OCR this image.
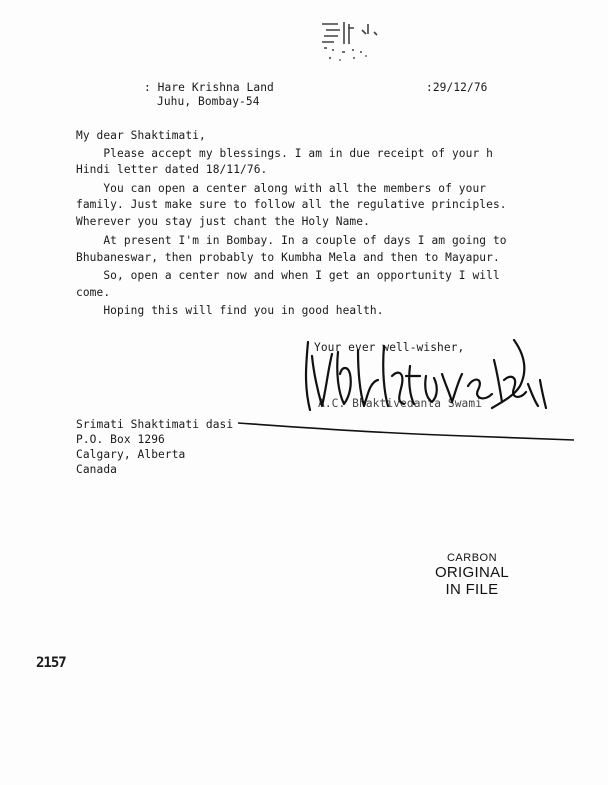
: Hare Krishna Land
Juhu, Bombay-54
:29/12/76
My dear Shaktimati,
Please accept my blessings. I am in due receipt of your h
Hindi letter dated 18/11/76.
You can open a center along with all the members of your
family. Just make sure to follow all the regulative principles.
Wherever you stay just chant the Holy Name.
At present I'm in Bombay. In a couple of days I am going to
Bhubaneswar, then probably to Kumbha Mela and then to Mayapur.
So, open a center now and when I get an opportunity I will
come.
Hoping this will find you in good health.
Your ever well-wisher,
A.C. Bhaktivedanta Swami
Srimati Shaktimati dasi
P.O. Box 1296
Calgary, Alberta
Canada
CARBON
ORIGINAL
IN FILE
2157
